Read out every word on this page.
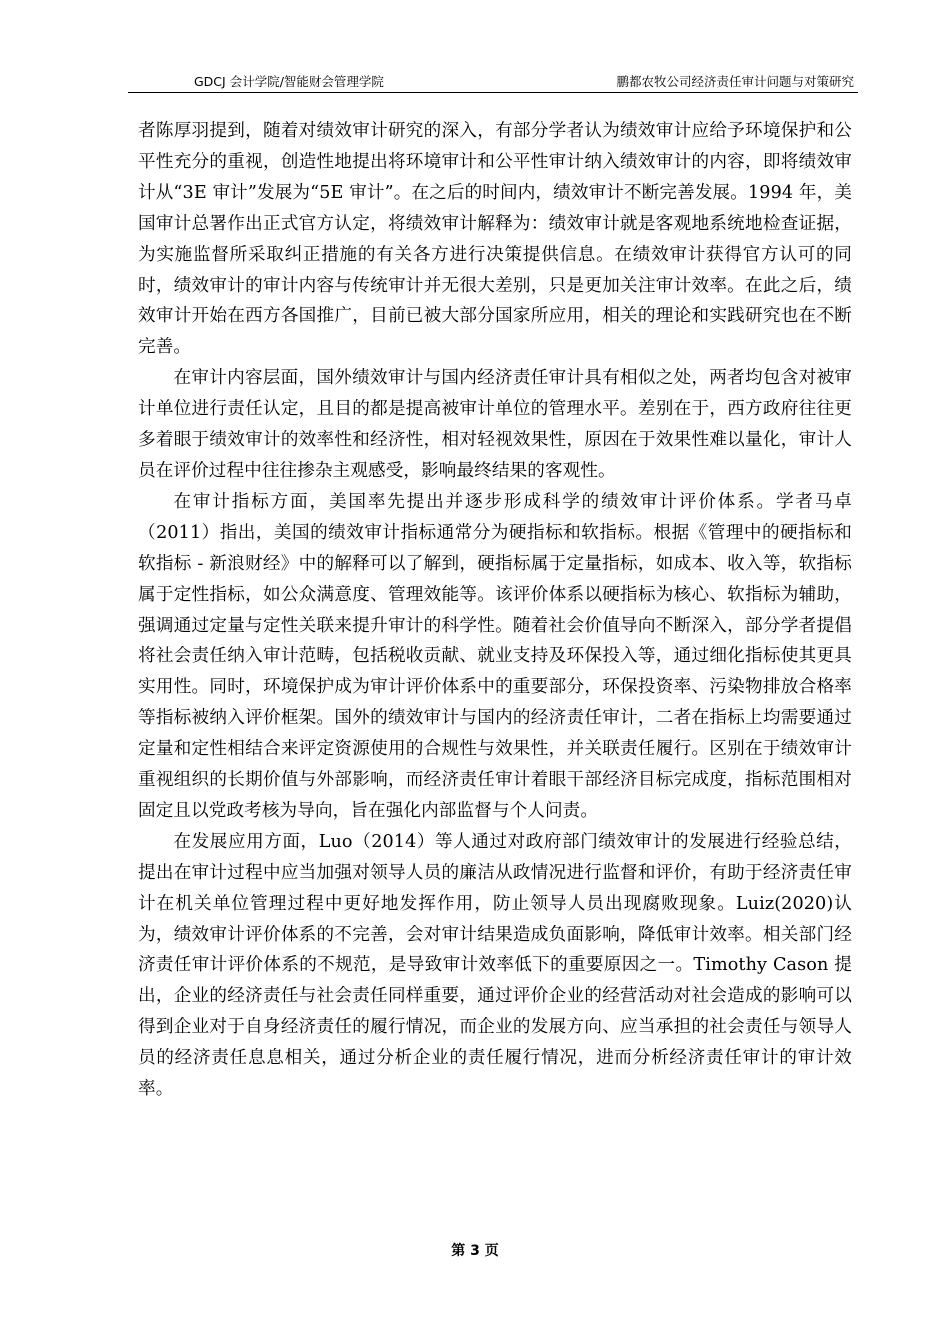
GDCJ 会计学院/智能财会管理学院	鹏都农牧公司经济责任审计问题与对策研究

者陈厚羽提到，随着对绩效审计研究的深入，有部分学者认为绩效审计应给予环境保护和公平性充分的重视，创造性地提出将环境审计和公平性审计纳入绩效审计的内容，即将绩效审计从“3E 审计”发展为“5E 审计”。在之后的时间内，绩效审计不断完善发展。1994 年，美国审计总署作出正式官方认定，将绩效审计解释为：绩效审计就是客观地系统地检查证据，为实施监督所采取纠正措施的有关各方进行决策提供信息。在绩效审计获得官方认可的同时，绩效审计的审计内容与传统审计并无很大差别，只是更加关注审计效率。在此之后，绩效审计开始在西方各国推广，目前已被大部分国家所应用，相关的理论和实践研究也在不断完善。

在审计内容层面，国外绩效审计与国内经济责任审计具有相似之处，两者均包含对被审计单位进行责任认定，且目的都是提高被审计单位的管理水平。差别在于，西方政府往往更多着眼于绩效审计的效率性和经济性，相对轻视效果性，原因在于效果性难以量化，审计人员在评价过程中往往掺杂主观感受，影响最终结果的客观性。

在审计指标方面，美国率先提出并逐步形成科学的绩效审计评价体系。学者马卓（2011）指出，美国的绩效审计指标通常分为硬指标和软指标。根据《管理中的硬指标和软指标 - 新浪财经》中的解释可以了解到，硬指标属于定量指标，如成本、收入等，软指标属于定性指标，如公众满意度、管理效能等。该评价体系以硬指标为核心、软指标为辅助，强调通过定量与定性关联来提升审计的科学性。随着社会价值导向不断深入，部分学者提倡将社会责任纳入审计范畴，包括税收贡献、就业支持及环保投入等，通过细化指标使其更具实用性。同时，环境保护成为审计评价体系中的重要部分，环保投资率、污染物排放合格率等指标被纳入评价框架。国外的绩效审计与国内的经济责任审计，二者在指标上均需要通过定量和定性相结合来评定资源使用的合规性与效果性，并关联责任履行。区别在于绩效审计重视组织的长期价值与外部影响，而经济责任审计着眼干部经济目标完成度，指标范围相对固定且以党政考核为导向，旨在强化内部监督与个人问责。

在发展应用方面，Luo（2014）等人通过对政府部门绩效审计的发展进行经验总结，提出在审计过程中应当加强对领导人员的廉洁从政情况进行监督和评价，有助于经济责任审计在机关单位管理过程中更好地发挥作用，防止领导人员出现腐败现象。Luiz(2020)认为，绩效审计评价体系的不完善，会对审计结果造成负面影响，降低审计效率。相关部门经济责任审计评价体系的不规范，是导致审计效率低下的重要原因之一。Timothy Cason 提出，企业的经济责任与社会责任同样重要，通过评价企业的经营活动对社会造成的影响可以得到企业对于自身经济责任的履行情况，而企业的发展方向、应当承担的社会责任与领导人员的经济责任息息相关，通过分析企业的责任履行情况，进而分析经济责任审计的审计效率。

第 3 页
